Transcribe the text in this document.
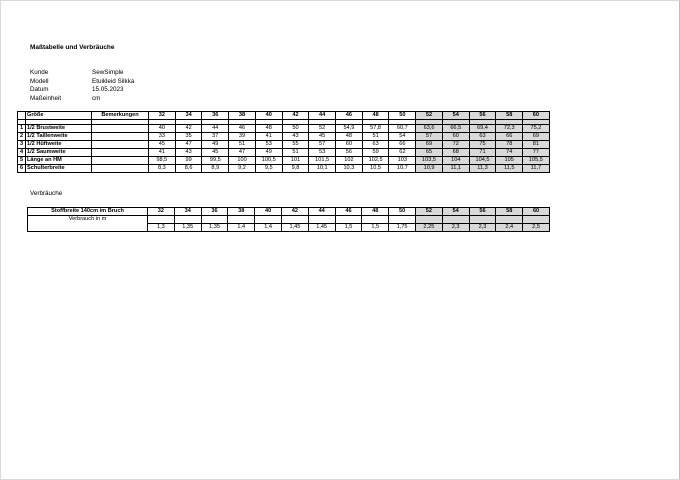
Maßtabelle und Verbräuche
Kunde	SewSimple
Modell	Etuikleid Silkka
Datum	15.05.2023
Maßeinheit	cm
	Größe	Bemerkungen	32	34	36	38	40	42	44	46	48	50	52	54	56	58	60

1	1/2 Brustweite		40	42	44	46	48	50	52	54,9	57,8	60,7	63,6	66,5	69,4	72,3	75,2
2	1/2 Taillenweite		33	35	37	39	41	43	45	48	51	54	57	60	63	66	69
3	1/2 Hüftweite		45	47	49	51	53	55	57	60	63	66	69	72	75	78	81
4	1/2 Saumweite		41	43	45	47	49	51	53	56	59	62	65	68	71	74	77
5	Länge an HM		98,5	99	99,5	100	100,5	101	101,5	102	102,5	103	103,5	104	104,5	105	105,5
6	Schulterbreite		8,3	8,6	8,9	9,2	9,5	9,8	10,1	10,3	10,5	10,7	10,9	11,1	11,3	11,5	11,7
Verbräuche
Stoffbreite 140cm im Bruch	32	34	36	38	40	42	44	46	48	50	52	54	56	58	60
Verbrauch in m															
	1,3	1,35	1,35	1,4	1,4	1,45	1,45	1,5	1,5	1,75	2,25	2,3	2,3	2,4	2,5
